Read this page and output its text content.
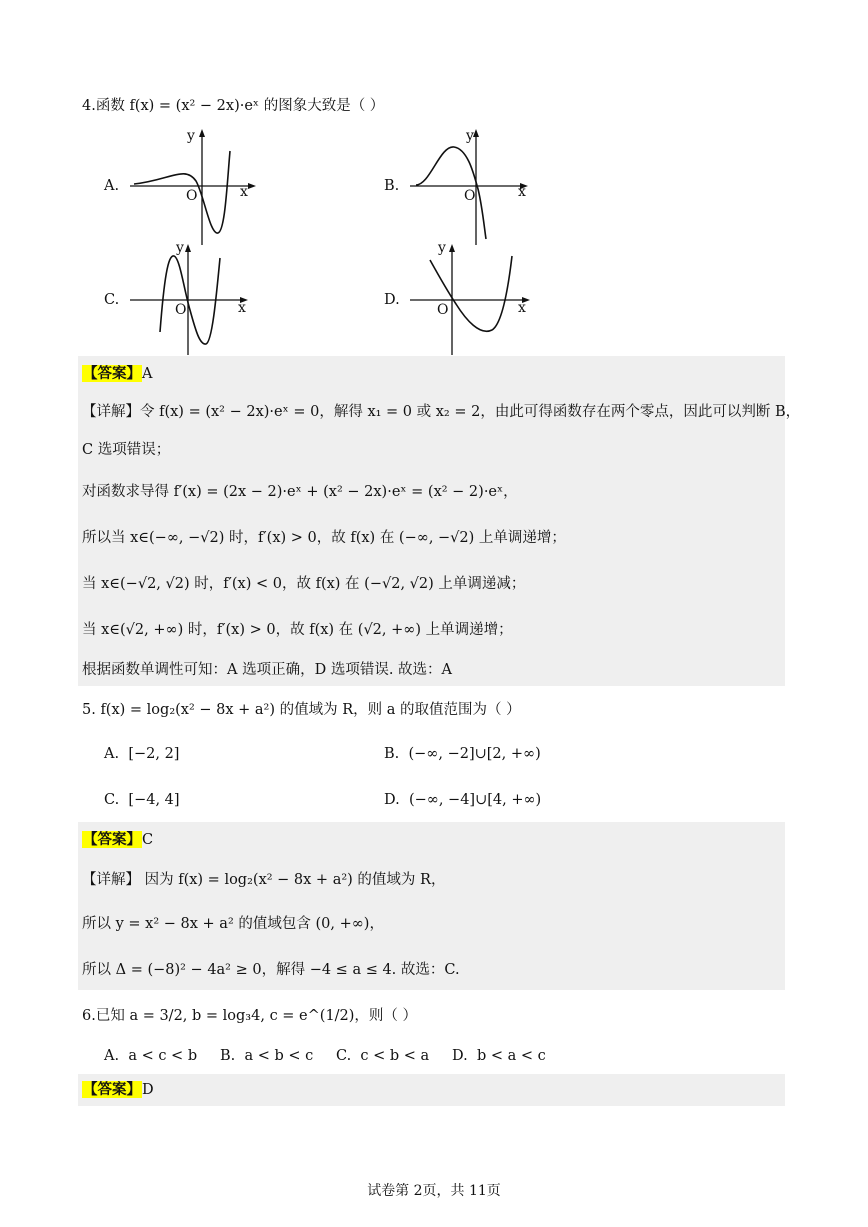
4.函数 f(x) = (x² − 2x)·eˣ 的图象大致是（ ）
A.
y
x
O
B.
y
x
O
C.
y
x
O
D.
y
x
O
【答案】A
【详解】令 f(x) = (x² − 2x)·eˣ = 0，解得 x₁ = 0 或 x₂ = 2，由此可得函数存在两个零点，因此可以判断 B，
C 选项错误；
对函数求导得 f′(x) = (2x − 2)·eˣ + (x² − 2x)·eˣ = (x² − 2)·eˣ，
所以当 x∈(−∞, −√2) 时，f′(x) > 0，故 f(x) 在 (−∞, −√2) 上单调递增；
当 x∈(−√2, √2) 时，f′(x) < 0，故 f(x) 在 (−√2, √2) 上单调递减；
当 x∈(√2, +∞) 时，f′(x) > 0，故 f(x) 在 (√2, +∞) 上单调递增；
根据函数单调性可知：A 选项正确，D 选项错误. 故选：A
5. f(x) = log₂(x² − 8x + a²) 的值域为 R，则 a 的取值范围为（ ）
A. [−2, 2]	B. (−∞, −2]∪[2, +∞)
C. [−4, 4]	D. (−∞, −4]∪[4, +∞)
【答案】C
【详解】 因为 f(x) = log₂(x² − 8x + a²) 的值域为 R，
所以 y = x² − 8x + a² 的值域包含 (0, +∞)，
所以 Δ = (−8)² − 4a² ≥ 0，解得 −4 ≤ a ≤ 4. 故选：C.
6.已知 a = 3/2, b = log₃4, c = e^(1/2)，则（ ）
A. a < c < b B. a < b < c C. c < b < a D. b < a < c
【答案】D
试卷第 2页，共 11页
